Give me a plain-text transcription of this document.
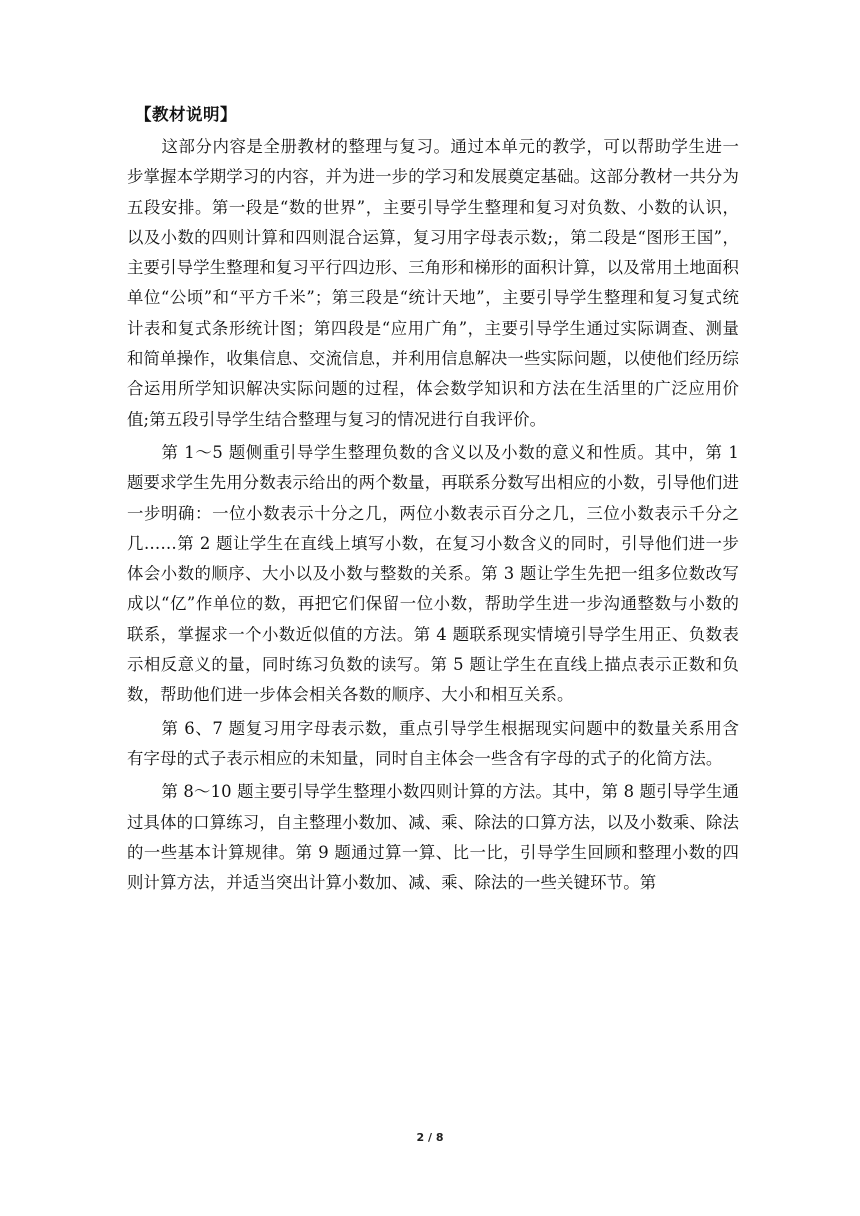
【教材说明】

这部分内容是全册教材的整理与复习。通过本单元的教学，可以帮助学生进一步掌握本学期学习的内容，并为进一步的学习和发展奠定基础。这部分教材一共分为五段安排。第一段是“数的世界”，主要引导学生整理和复习对负数、小数的认识，以及小数的四则计算和四则混合运算，复习用字母表示数;，第二段是“图形王国”，主要引导学生整理和复习平行四边形、三角形和梯形的面积计算，以及常用土地面积单位“公顷”和“平方千米”；第三段是“统计天地”，主要引导学生整理和复习复式统计表和复式条形统计图；第四段是“应用广角”，主要引导学生通过实际调查、测量和简单操作，收集信息、交流信息，并利用信息解决一些实际问题，以使他们经历综合运用所学知识解决实际问题的过程，体会数学知识和方法在生活里的广泛应用价值;第五段引导学生结合整理与复习的情况进行自我评价。

第 1～5 题侧重引导学生整理负数的含义以及小数的意义和性质。其中，第 1 题要求学生先用分数表示给出的两个数量，再联系分数写出相应的小数，引导他们进一步明确：一位小数表示十分之几，两位小数表示百分之几，三位小数表示千分之几……第 2 题让学生在直线上填写小数，在复习小数含义的同时，引导他们进一步体会小数的顺序、大小以及小数与整数的关系。第 3 题让学生先把一组多位数改写成以“亿”作单位的数，再把它们保留一位小数，帮助学生进一步沟通整数与小数的联系，掌握求一个小数近似值的方法。第 4 题联系现实情境引导学生用正、负数表示相反意义的量，同时练习负数的读写。第 5 题让学生在直线上描点表示正数和负数，帮助他们进一步体会相关各数的顺序、大小和相互关系。

第 6、7 题复习用字母表示数，重点引导学生根据现实问题中的数量关系用含有字母的式子表示相应的未知量，同时自主体会一些含有字母的式子的化简方法。

第 8～10 题主要引导学生整理小数四则计算的方法。其中，第 8 题引导学生通过具体的口算练习，自主整理小数加、减、乘、除法的口算方法，以及小数乘、除法的一些基本计算规律。第 9 题通过算一算、比一比，引导学生回顾和整理小数的四则计算方法，并适当突出计算小数加、减、乘、除法的一些关键环节。第

2 / 8
